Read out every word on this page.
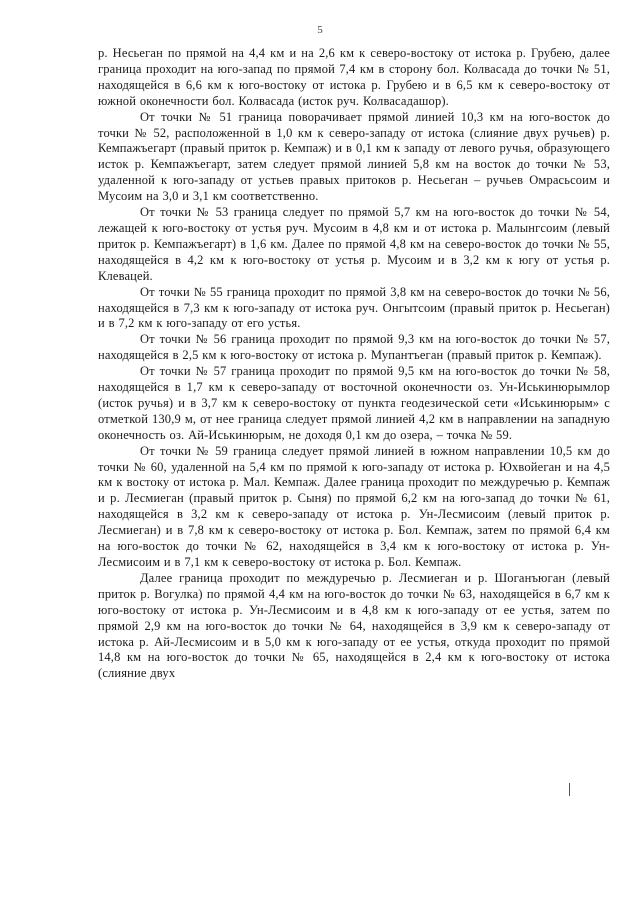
5

р. Несьеган по прямой на 4,4 км и на 2,6 км к северо-востоку от истока р. Грубею, далее граница проходит на юго-запад по прямой 7,4 км в сторону бол. Колвасада до точки № 51, находящейся в 6,6 км к юго-востоку от истока р. Грубею и в 6,5 км к северо-востоку от южной оконечности бол. Колвасада (исток руч. Колвасадашор).

От точки № 51 граница поворачивает прямой линией 10,3 км на юго-восток до точки № 52, расположенной в 1,0 км к северо-западу от истока (слияние двух ручьев) р. Кемпажъегарт (правый приток р. Кемпаж) и в 0,1 км к западу от левого ручья, образующего исток р. Кемпажъегарт, затем следует прямой линией 5,8 км на восток до точки № 53, удаленной к юго-западу от устьев правых притоков р. Несьеган – ручьев Омрасьсоим и Мусоим на 3,0 и 3,1 км соответственно.

От точки № 53 граница следует по прямой 5,7 км на юго-восток до точки № 54, лежащей к юго-востоку от устья руч. Мусоим в 4,8 км и от истока р. Малынгсоим (левый приток р. Кемпажъегарт) в 1,6 км. Далее по прямой 4,8 км на северо-восток до точки № 55, находящейся в 4,2 км к юго-востоку от устья р. Мусоим и в 3,2 км к югу от устья р. Клевацей.

От точки № 55 граница проходит по прямой 3,8 км на северо-восток до точки № 56, находящейся в 7,3 км к юго-западу от истока руч. Онгытсоим (правый приток р. Несьеган) и в 7,2 км к юго-западу от его устья.

От точки № 56 граница проходит по прямой 9,3 км на юго-восток до точки № 57, находящейся в 2,5 км к юго-востоку от истока р. Мупантъеган (правый приток р. Кемпаж).

От точки № 57 граница проходит по прямой 9,5 км на юго-восток до точки № 58, находящейся в 1,7 км к северо-западу от восточной оконечности оз. Ун-Иськинюрымлор (исток ручья) и в 3,7 км к северо-востоку от пункта геодезической сети «Иськинюрым» с отметкой 130,9 м, от нее граница следует прямой линией 4,2 км в направлении на западную оконечность оз. Ай-Иськинюрым, не доходя 0,1 км до озера, – точка № 59.

От точки № 59 граница следует прямой линией в южном направлении 10,5 км до точки № 60, удаленной на 5,4 км по прямой к юго-западу от истока р. Юхвойеган и на 4,5 км к востоку от истока р. Мал. Кемпаж. Далее граница проходит по междуречью р. Кемпаж и р. Лесмиеган (правый приток р. Сыня) по прямой 6,2 км на юго-запад до точки № 61, находящейся в 3,2 км к северо-западу от истока р. Ун-Лесмисоим (левый приток р. Лесмиеган) и в 7,8 км к северо-востоку от истока р. Бол. Кемпаж, затем по прямой 6,4 км на юго-восток до точки № 62, находящейся в 3,4 км к юго-востоку от истока р. Ун-Лесмисоим и в 7,1 км к северо-востоку от истока р. Бол. Кемпаж.

Далее граница проходит по междуречью р. Лесмиеган и р. Шоганъюган (левый приток р. Вогулка) по прямой 4,4 км на юго-восток до точки № 63, находящейся в 6,7 км к юго-востоку от истока р. Ун-Лесмисоим и в 4,8 км к юго-западу от ее устья, затем по прямой 2,9 км на юго-восток до точки № 64, находящейся в 3,9 км к северо-западу от истока р. Ай-Лесмисоим и в 5,0 км к юго-западу от ее устья, откуда проходит по прямой 14,8 км на юго-восток до точки № 65, находящейся в 2,4 км к юго-востоку от истока (слияние двух
